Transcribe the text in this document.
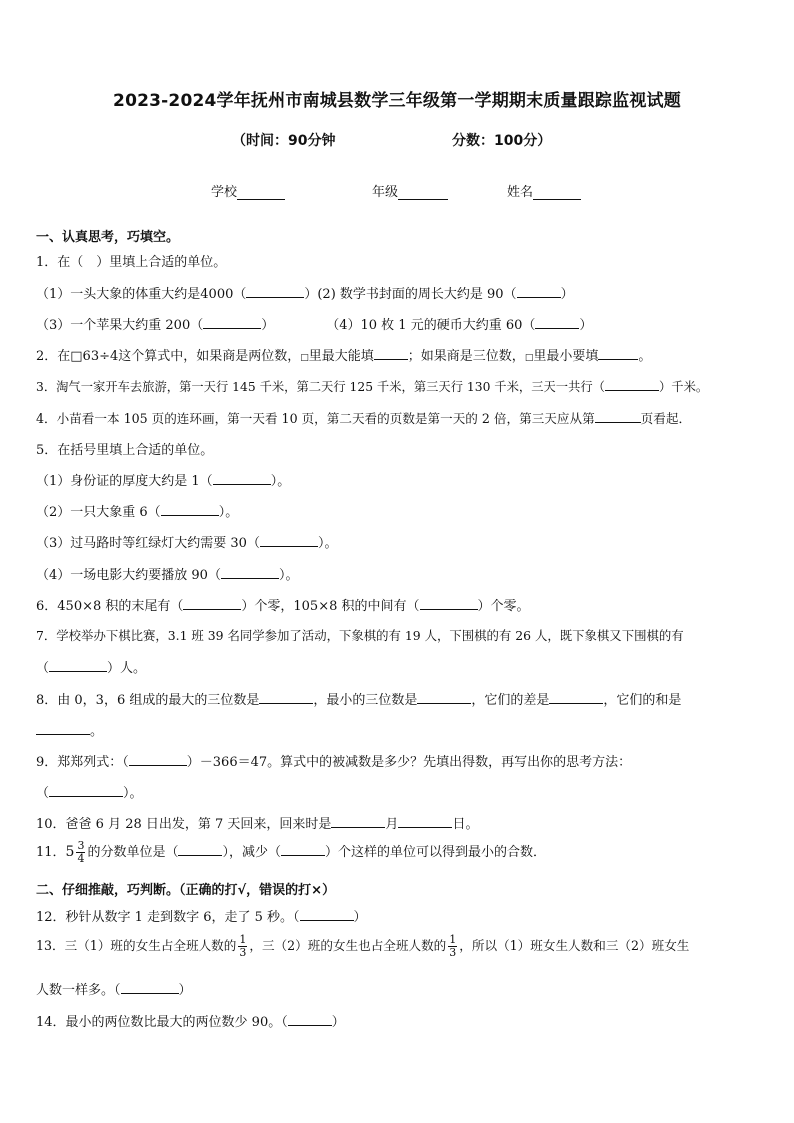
2023-2024学年抚州市南城县数学三年级第一学期期末质量跟踪监视试题
（时间：90分钟	分数：100分）
学校	年级	姓名
一、认真思考，巧填空。
1．在（　）里填上合适的单位。
（1）一头大象的体重大约是4000（	）(2) 数学书封面的周长大约是 90（	）
（3）一个苹果大约重 200（	）	（4）10 枚 1 元的硬币大约重 60（	）
2．在□63÷4这个算式中，如果商是两位数，□里最大能填	；如果商是三位数，□里最小要填	。
3．淘气一家开车去旅游，第一天行 145 千米，第二天行 125 千米，第三天行 130 千米，三天一共行（	）千米。
4．小苗看一本 105 页的连环画，第一天看 10 页，第二天看的页数是第一天的 2 倍，第三天应从第	页看起．
5．在括号里填上合适的单位。
（1）身份证的厚度大约是 1（	）。
（2）一只大象重 6（	）。
（3）过马路时等红绿灯大约需要 30（	）。
（4）一场电影大约要播放 90（	）。
6．450×8 积的末尾有（	）个零，105×8 积的中间有（	）个零。
7．学校举办下棋比赛，3.1 班 39 名同学参加了活动，下象棋的有 19 人，下围棋的有 26 人，既下象棋又下围棋的有
（	）人。
8．由 0，3，6 组成的最大的三位数是	，最小的三位数是	，它们的差是	，它们的和是
。
9．郑郑列式：（	）－366＝47。算式中的被减数是多少？先填出得数，再写出你的思考方法：
（	）。
10．爸爸 6 月 28 日出发，第 7 天回来，回来时是	月	日。
11．$5 \frac{3}{4}$ 的分数单位是（	），减少（	）个这样的单位可以得到最小的合数．
二、仔细推敲，巧判断。（正确的打√，错误的打×）
12．秒针从数字 1 走到数字 6，走了 5 秒。（	）
13．三（1）班的女生占全班人数的 $\frac{1}{3}$ ，三（2）班的女生也占全班人数的 $\frac{1}{3}$ ，所以（1）班女生人数和三（2）班女生
人数一样多。（	）
14．最小的两位数比最大的两位数少 90。（	）
